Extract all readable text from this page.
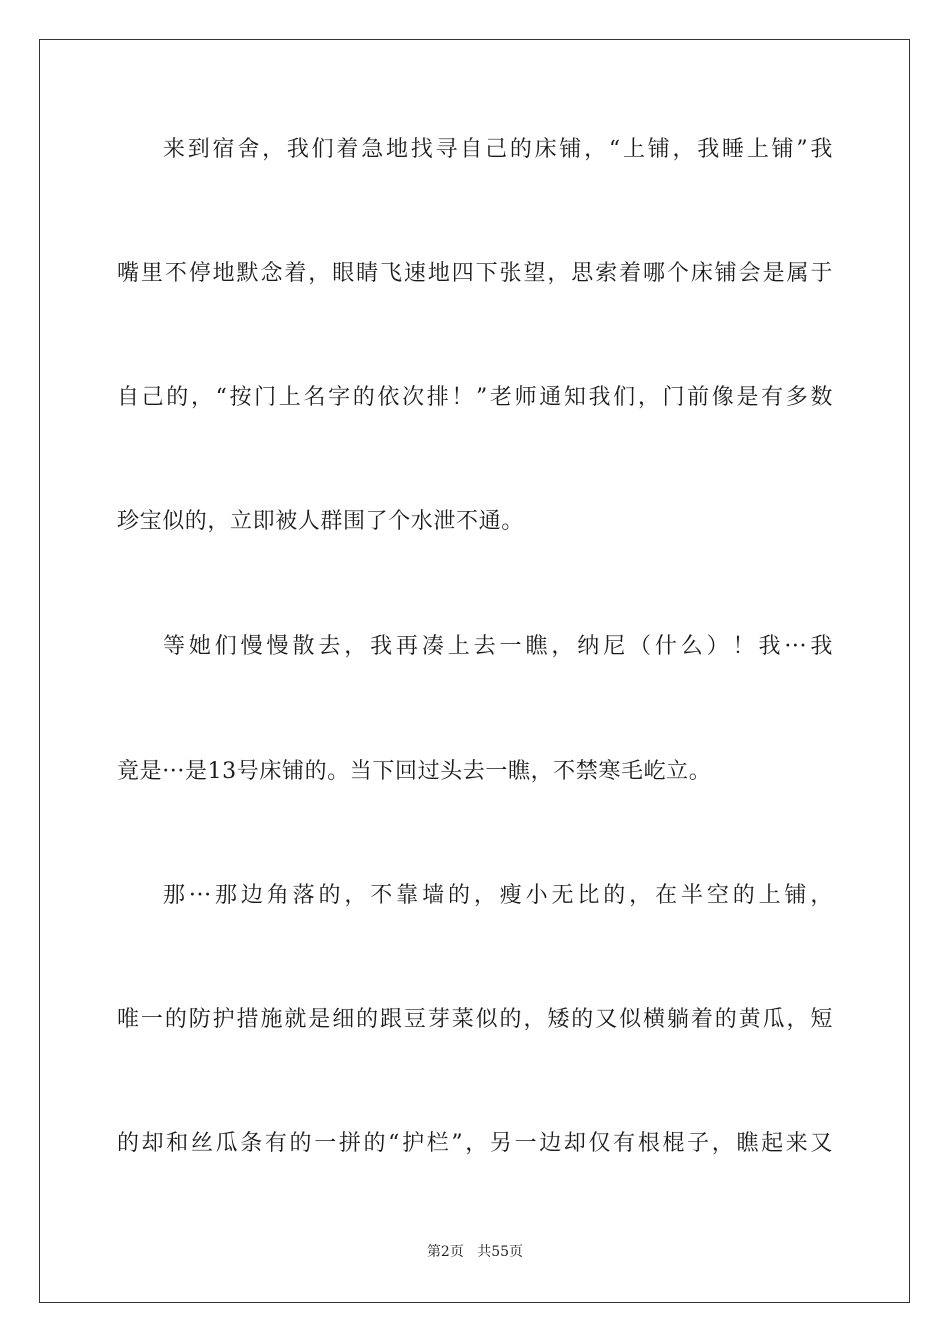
来到宿舍，我们着急地找寻自己的床铺，“上铺，我睡上铺”我
嘴里不停地默念着，眼睛飞速地四下张望，思索着哪个床铺会是属于
自己的，“按门上名字的依次排！”老师通知我们，门前像是有多数
珍宝似的，立即被人群围了个水泄不通。
等她们慢慢散去，我再凑上去一瞧，纳尼（什么）！我···我
竟是···是13号床铺的。当下回过头去一瞧，不禁寒毛屹立。
那···那边角落的，不靠墙的，瘦小无比的，在半空的上铺，
唯一的防护措施就是细的跟豆芽菜似的，矮的又似横躺着的黄瓜，短
的却和丝瓜条有的一拼的“护栏”，另一边却仅有根棍子，瞧起来又
第2页 共55页
